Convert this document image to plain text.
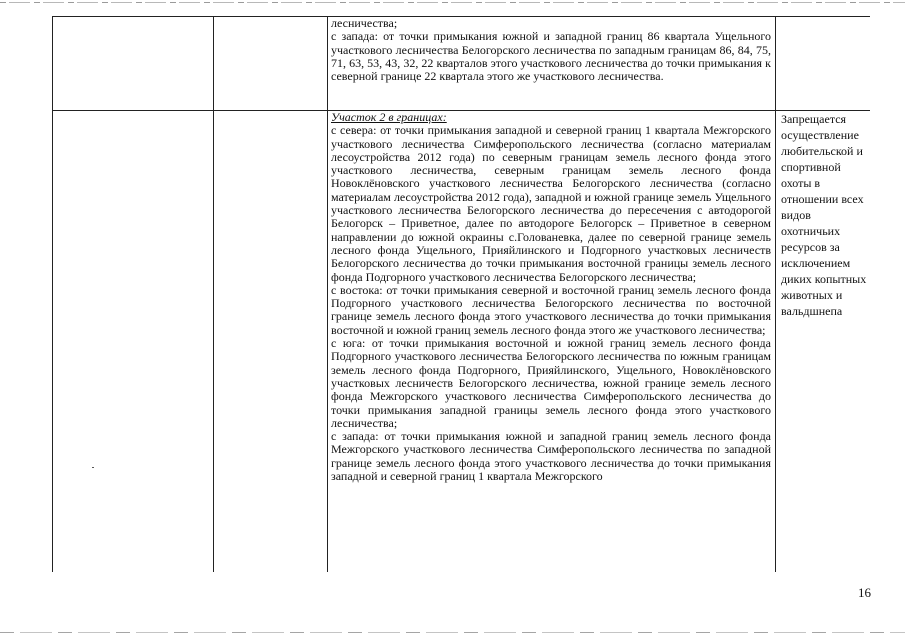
		лесничества;

с запада: от точки примыкания южной и западной границ 86 квартала Ущельного участкового лесничества Белогорского лесничества по западным границам 86, 84, 75, 71, 63, 53, 43, 32, 22 кварталов этого участкового лесничества до точки примыкания к северной границе 22 квартала этого же участкового лесничества.	

		Участок 2 в границах:

с севера: от точки примыкания западной и северной границ 1 квартала Межгорского участкового лесничества Симферопольского лесничества (согласно материалам лесоустройства 2012 года) по северным границам земель лесного фонда этого участкового лесничества, северным границам земель лесного фонда Новоклёновского участкового лесничества Белогорского лесничества (согласно материалам лесоустройства 2012 года), западной и южной границе земель Ущельного участкового лесничества Белогорского лесничества до пересечения с автодорогой Белогорск – Приветное, далее по автодороге Белогорск – Приветное в северном направлении до южной окраины с.Голованевка, далее по северной границе земель лесного фонда Ущельного, Прияйлинского и Подгорного участковых лесничеств Белогорского лесничества до точки примыкания восточной границы земель лесного фонда Подгорного участкового лесничества Белогорского лесничества;

с востока: от точки примыкания северной и восточной границ земель лесного фонда Подгорного участкового лесничества Белогорского лесничества по восточной границе земель лесного фонда этого участкового лесничества до точки примыкания восточной и южной границ земель лесного фонда этого же участкового лесничества;

с юга: от точки примыкания восточной и южной границ земель лесного фонда Подгорного участкового лесничества Белогорского лесничества по южным границам земель лесного фонда Подгорного, Прияйлинского, Ущельного, Новоклёновского участковых лесничеств Белогорского лесничества, южной границе земель лесного фонда Межгорского участкового лесничества Симферопольского лесничества до точки примыкания западной границы земель лесного фонда этого участкового лесничества;

с запада: от точки примыкания южной и западной границ земель лесного фонда Межгорского участкового лесничества Симферопольского лесничества по западной границе земель лесного фонда этого участкового лесничества до точки примыкания западной и северной границ 1 квартала Межгорского	Запрещается осуществление любительской и спортивной охоты в отношении всех видов охотничьих ресурсов за исключением диких копытных животных и вальдшнепа
16
